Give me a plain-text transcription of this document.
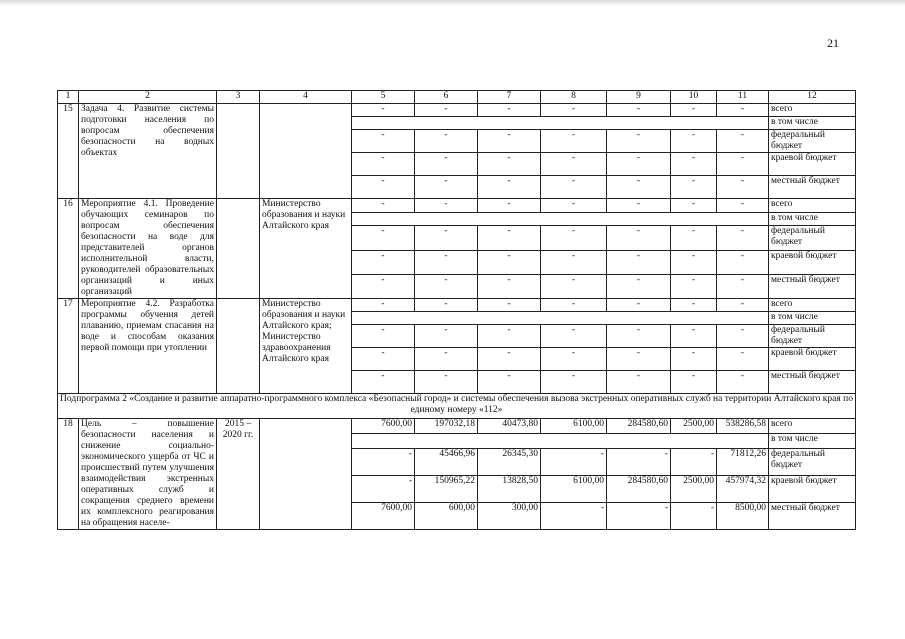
21
1	2	3	4	5	6	7	8	9	10	11	12
15	Задача 4. Развитие системы подготовки населения по вопросам обеспечения безопасности на водных объектах			-	-	-	-	-	-	-	всего
											в том числе
				-	-	-	-	-	-	-	федеральный бюджет
				-	-	-	-	-	-	-	краевой бюджет
				-	-	-	-	-	-	-	местный бюджет
16	Мероприятие 4.1. Проведение обучающих семинаров по вопросам обеспечения безопасности на воде для представителей органов исполнительной власти, руководителей образовательных организаций и иных организаций		Министерство образования и науки Алтайского края	-	-	-	-	-	-	-	всего
											в том числе
				-	-	-	-	-	-	-	федеральный бюджет
				-	-	-	-	-	-	-	краевой бюджет
				-	-	-	-	-	-	-	местный бюджет
17	Мероприятие 4.2. Разработка программы обучения детей плаванию, приемам спасания на воде и способам оказания первой помощи при утоплении		Министерство образования и науки Алтайского края; Министерство здравоохранения Алтайского края	-	-	-	-	-	-	-	всего
											в том числе
				-	-	-	-	-	-	-	федеральный бюджет
				-	-	-	-	-	-	-	краевой бюджет
				-	-	-	-	-	-	-	местный бюджет
Подпрограмма 2 «Создание и развитие аппаратно-программного комплекса «Безопасный город» и системы обеспечения вызова экстренных оперативных служб на территории Алтайского края по единому номеру «112»											
18	Цель – повышение безопасности населения и снижение социально-экономического ущерба от ЧС и происшествий путем улучшения взаимодействия экстренных оперативных служб и сокращения среднего времени их комплексного реагирования на обращения населе-	2015 – 2020 гг.		7600,00	197032,18	40473,80	6100,00	284580,60	2500,00	538286,58	всего
											в том числе
				-	45466,96	26345,30	-	-	-	71812,26	федеральный бюджет
				-	150965,22	13828,50	6100,00	284580,60	2500,00	457974,32	краевой бюджет
				7600,00	600,00	300,00	-	-	-	8500,00	местный бюджет
